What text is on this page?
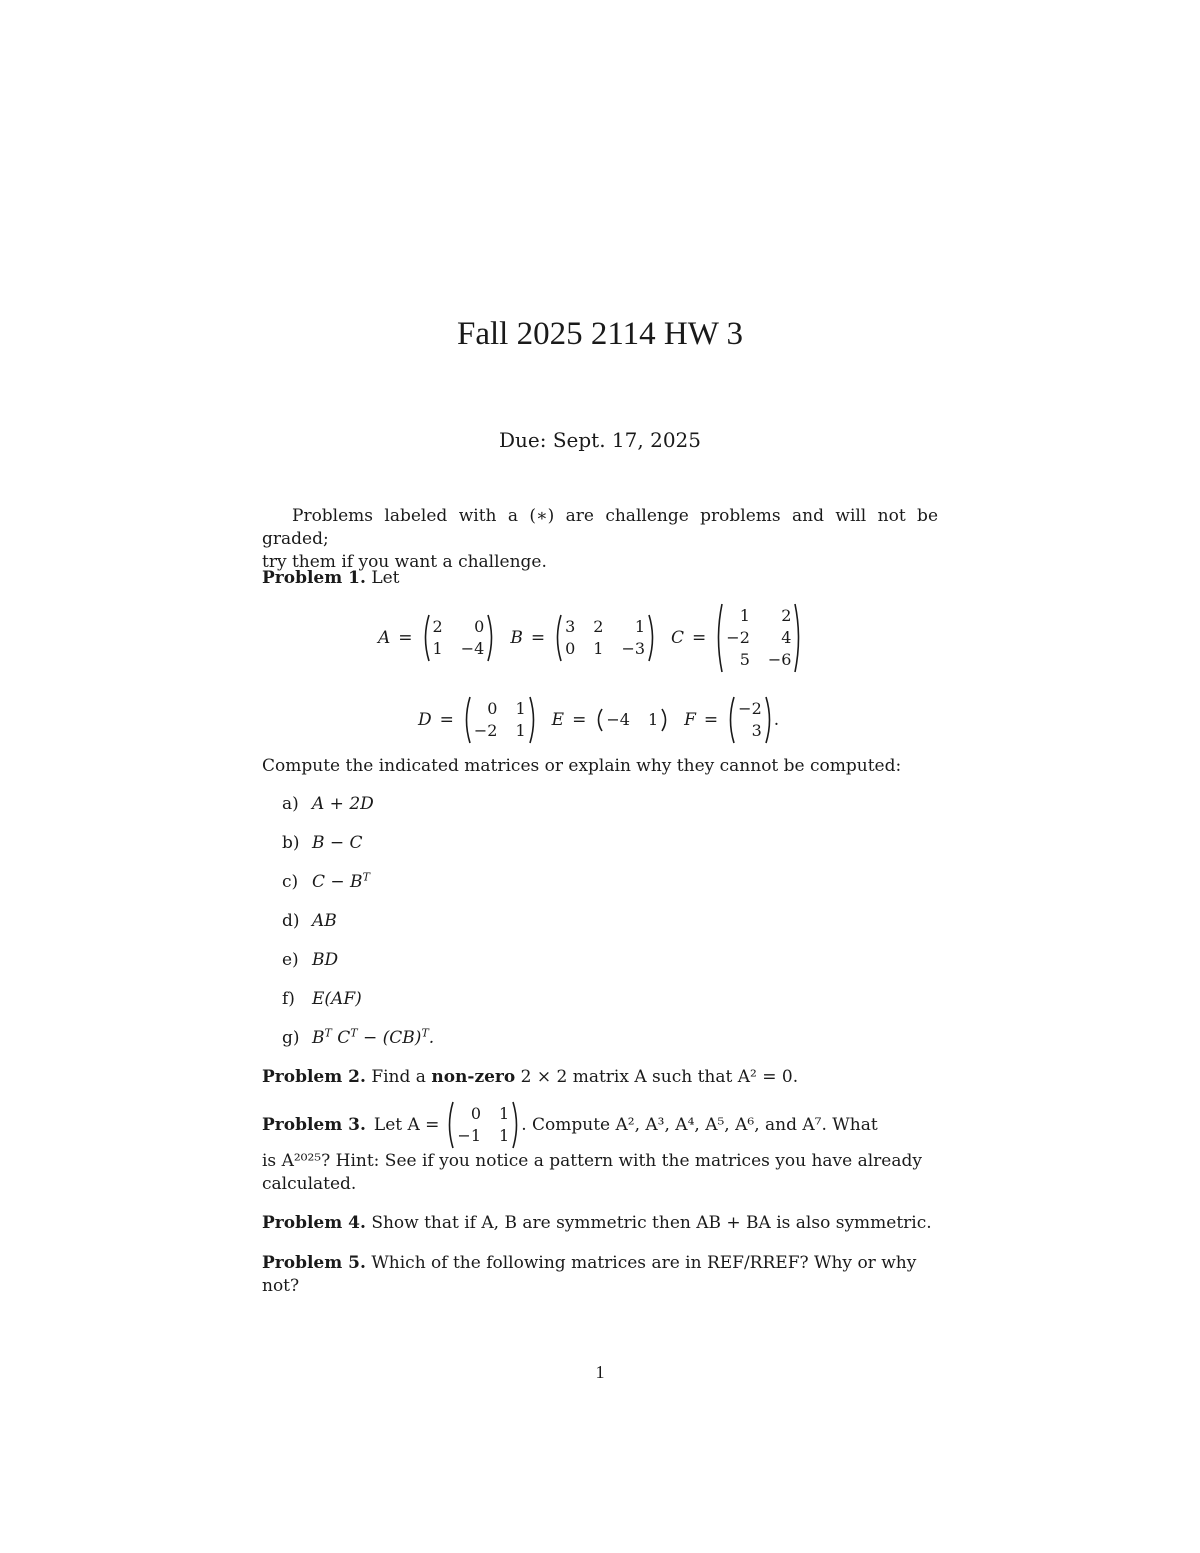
Fall 2025 2114 HW 3
Due: Sept. 17, 2025
Problems labeled with a (∗) are challenge problems and will not be graded;
try them if you want a challenge.
Problem 1. Let
A =
2	0
1 −4
B =
3 2	1
0 1 −3
C =
1	2
−2	4
5 −6
D =
0 1
−2 1
E = −4 1 F =
−2
3
.
Compute the indicated matrices or explain why they cannot be computed:
a) A + 2D
b) B − C
c) $C - B^T$
d) AB
e) BD
f) E(AF)
g) $B^T$ $C^T - (CB)^T$.
Problem 2. Find a non-zero 2 × 2 matrix A such that A² = 0.
Problem 3. Let A =
0 1
−1 1
. Compute A², A³, A⁴, A⁵, A⁶, and A⁷. What
is A²⁰²⁵? Hint: See if you notice a pattern with the matrices you have already
calculated.
Problem 4. Show that if A, B are symmetric then AB + BA is also symmetric.
Problem 5. Which of the following matrices are in REF/RREF? Why or why
not?
1
